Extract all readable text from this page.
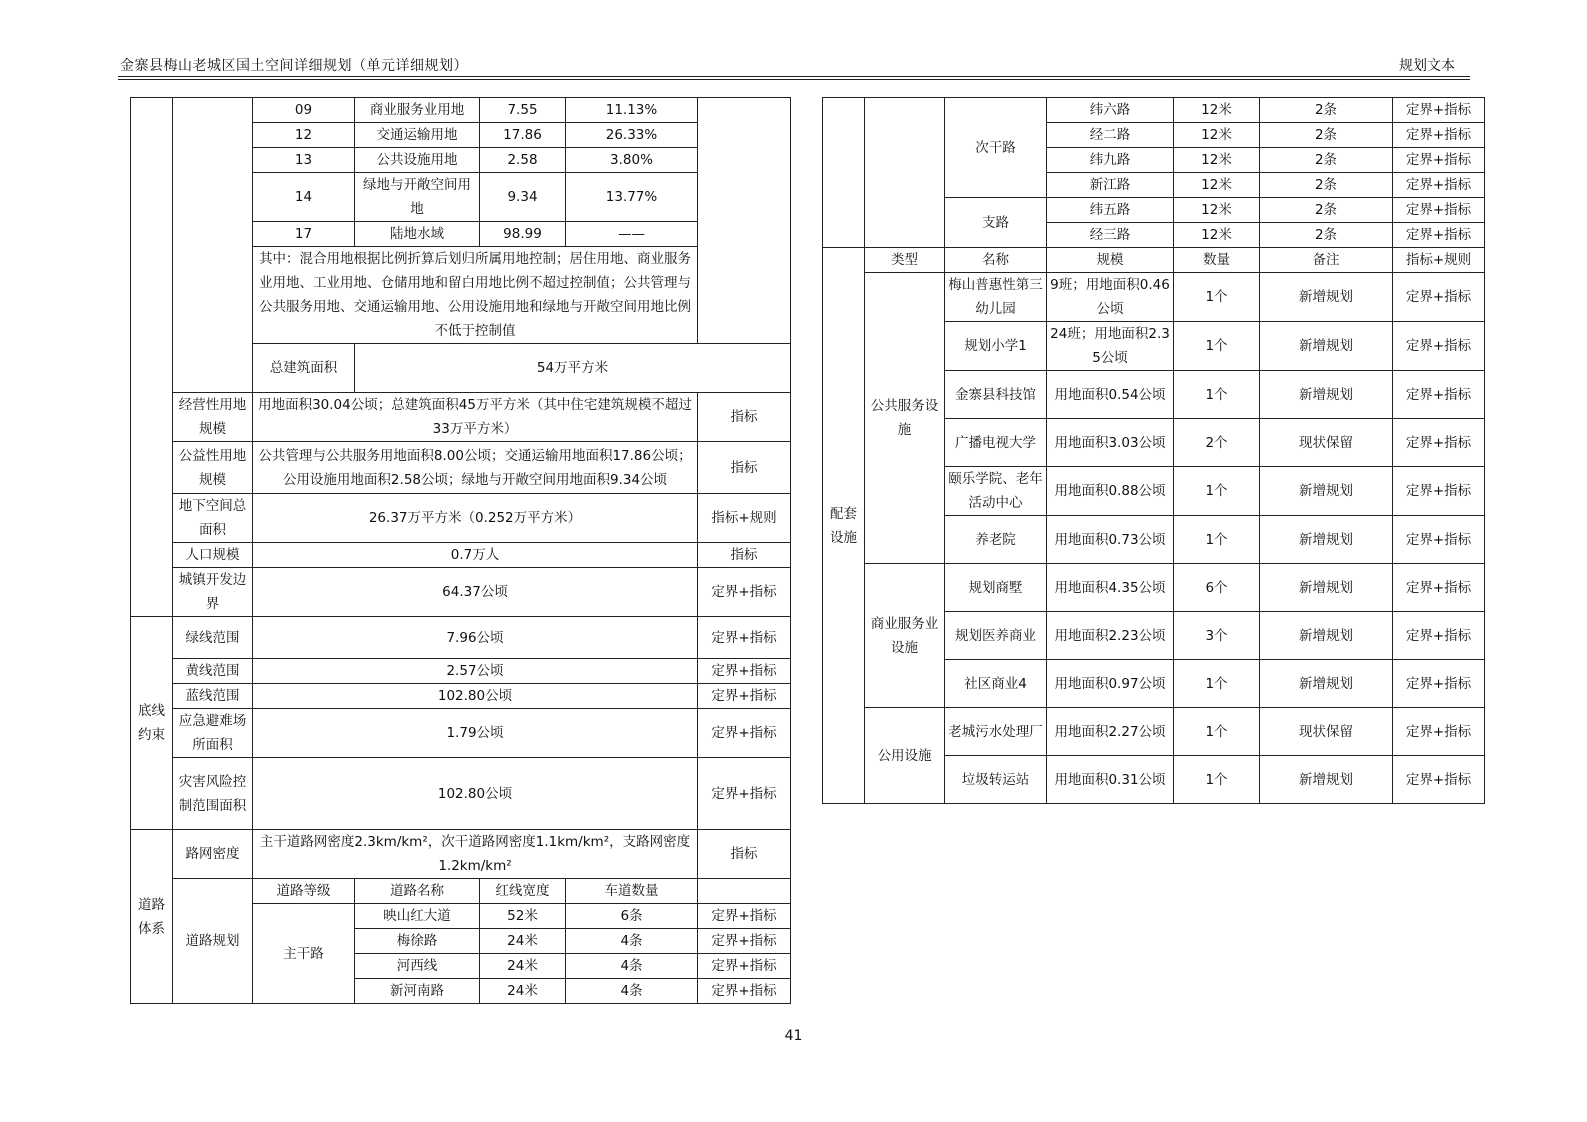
金寨县梅山老城区国土空间详细规划（单元详细规划）	规划文本
		09	商业服务业用地	7.55	11.13%		
		12	交通运输用地	17.86	26.33%		
		13	公共设施用地	2.58	3.80%		
		14	绿地与开敞空间用地	9.34	13.77%		
		17	陆地水域	98.99	——		
		其中：混合用地根据比例折算后划归所属用地控制；居住用地、商业服务业用地、工业用地、仓储用地和留白用地比例不超过控制值；公共管理与公共服务用地、交通运输用地、公用设施用地和绿地与开敞空间用地比例不低于控制值					
		总建筑面积	54万平方米	
	经营性用地规模	用地面积30.04公顷；总建筑面积45万平方米（其中住宅建筑规模不超过33万平方米）				指标	
	公益性用地规模	公共管理与公共服务用地面积8.00公顷；交通运输用地面积17.86公顷；公用设施用地面积2.58公顷；绿地与开敞空间用地面积9.34公顷				指标	
	地下空间总面积	26.37万平方米（0.252万平方米）				指标+规则	
	人口规模	0.7万人				指标	
	城镇开发边界	64.37公顷				定界+指标	
底线约束	绿线范围	7.96公顷				定界+指标	
	黄线范围	2.57公顷				定界+指标	
	蓝线范围	102.80公顷				定界+指标	
	应急避难场所面积	1.79公顷				定界+指标	
	灾害风险控制范围面积	102.80公顷				定界+指标	
道路体系	路网密度	主干道路网密度2.3km/km²，次干道路网密度1.1km/km²，支路网密度1.2km/km²				指标	
	道路规划	道路等级	道路名称	红线宽度	车道数量		
		主干路	映山红大道	52米	6条	定界+指标	
			梅徐路	24米	4条	定界+指标	
			河西线	24米	4条	定界+指标	
			新河南路	24米	4条	定界+指标	
		次干路	纬六路	12米	2条	定界+指标
			经二路	12米	2条	定界+指标
			纬九路	12米	2条	定界+指标
			新江路	12米	2条	定界+指标
		支路	纬五路	12米	2条	定界+指标
			经三路	12米	2条	定界+指标
配套设施	类型	名称	规模	数量	备注	指标+规则
	公共服务设施	梅山普惠性第三幼儿园	9班；用地面积0.46公顷	1个	新增规划	定界+指标
		规划小学1	24班；用地面积2.35公顷	1个	新增规划	定界+指标
		金寨县科技馆	用地面积0.54公顷	1个	新增规划	定界+指标
		广播电视大学	用地面积3.03公顷	2个	现状保留	定界+指标
		颐乐学院、老年活动中心	用地面积0.88公顷	1个	新增规划	定界+指标
		养老院	用地面积0.73公顷	1个	新增规划	定界+指标
	商业服务业设施	规划商墅	用地面积4.35公顷	6个	新增规划	定界+指标
		规划医养商业	用地面积2.23公顷	3个	新增规划	定界+指标
		社区商业4	用地面积0.97公顷	1个	新增规划	定界+指标
	公用设施	老城污水处理厂	用地面积2.27公顷	1个	现状保留	定界+指标
		垃圾转运站	用地面积0.31公顷	1个	新增规划	定界+指标
41
